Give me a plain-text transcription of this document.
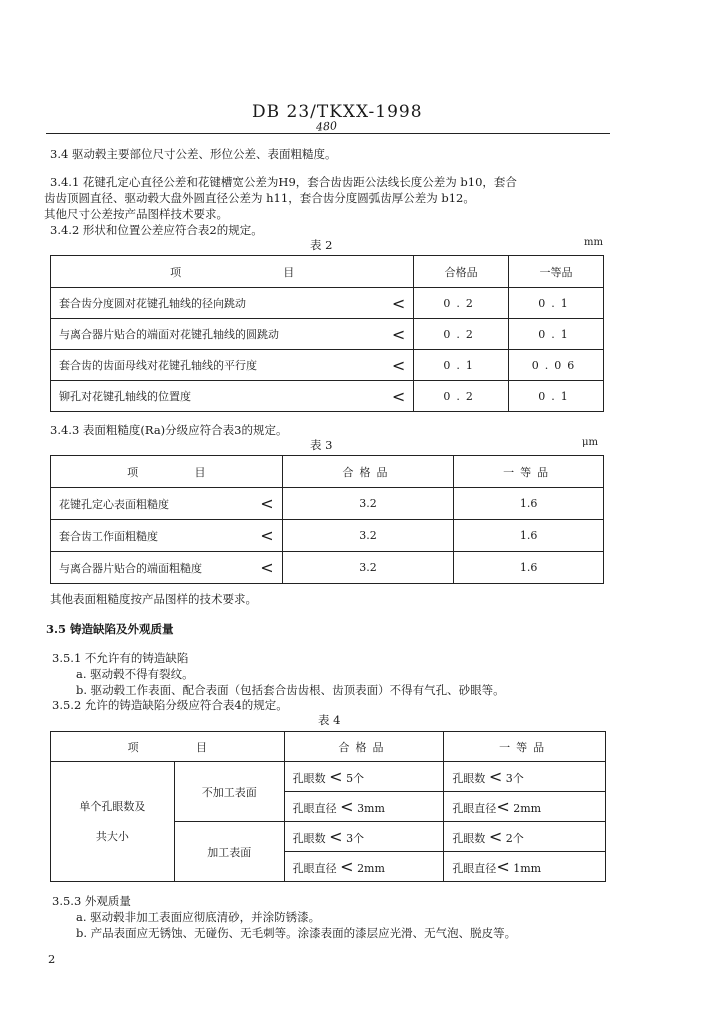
DB 23/TKXX-1998
480
3.4 驱动毂主要部位尺寸公差、形位公差、表面粗糙度。
3.4.1 花键孔定心直径公差和花键槽宽公差为H9，套合齿齿距公法线长度公差为 b10，套合
齿齿顶圆直径、驱动毂大盘外圆直径公差为 h11，套合齿分度圆弧齿厚公差为 b12。
其他尺寸公差按产品图样技术要求。
3.4.2 形状和位置公差应符合表2的规定。
表 2	mm
项 目	合格品	一等品

套合齿分度圆对花键孔轴线的径向跳动 <	0.2	0.1

与离合器片贴合的端面对花键孔轴线的圆跳动 <	0.2	0.1

套合齿的齿面母线对花键孔轴线的平行度 <	0.1	0.06

铆孔对花键孔轴线的位置度 <	0.2	0.1
3.4.3 表面粗糙度(Ra)分级应符合表3的规定。
表 3	μm
项 目	合格品	一等品

花键孔定心表面粗糙度 <	3.2	1.6

套合齿工作面粗糙度 <	3.2	1.6

与离合器片贴合的端面粗糙度 <	3.2	1.6
其他表面粗糙度按产品图样的技术要求。
3.5 铸造缺陷及外观质量
3.5.1 不允许有的铸造缺陷
a. 驱动毂不得有裂纹。
b. 驱动毂工作表面、配合表面（包括套合齿齿根、齿顶表面）不得有气孔、砂眼等。
3.5.2 允许的铸造缺陷分级应符合表4的规定。
表 4
项 目		合格品	一等品

单个孔眼数及
共大小	不加工表面	孔眼数 < 5个	孔眼数 < 3个
		孔眼直径 < 3mm	孔眼直径< 2mm
	加工表面	孔眼数 < 3个	孔眼数 < 2个
		孔眼直径 < 2mm	孔眼直径< 1mm
3.5.3 外观质量
a. 驱动毂非加工表面应彻底清砂，并涂防锈漆。
b. 产品表面应无锈蚀、无碰伤、无毛刺等。涂漆表面的漆层应光滑、无气泡、脱皮等。
2
